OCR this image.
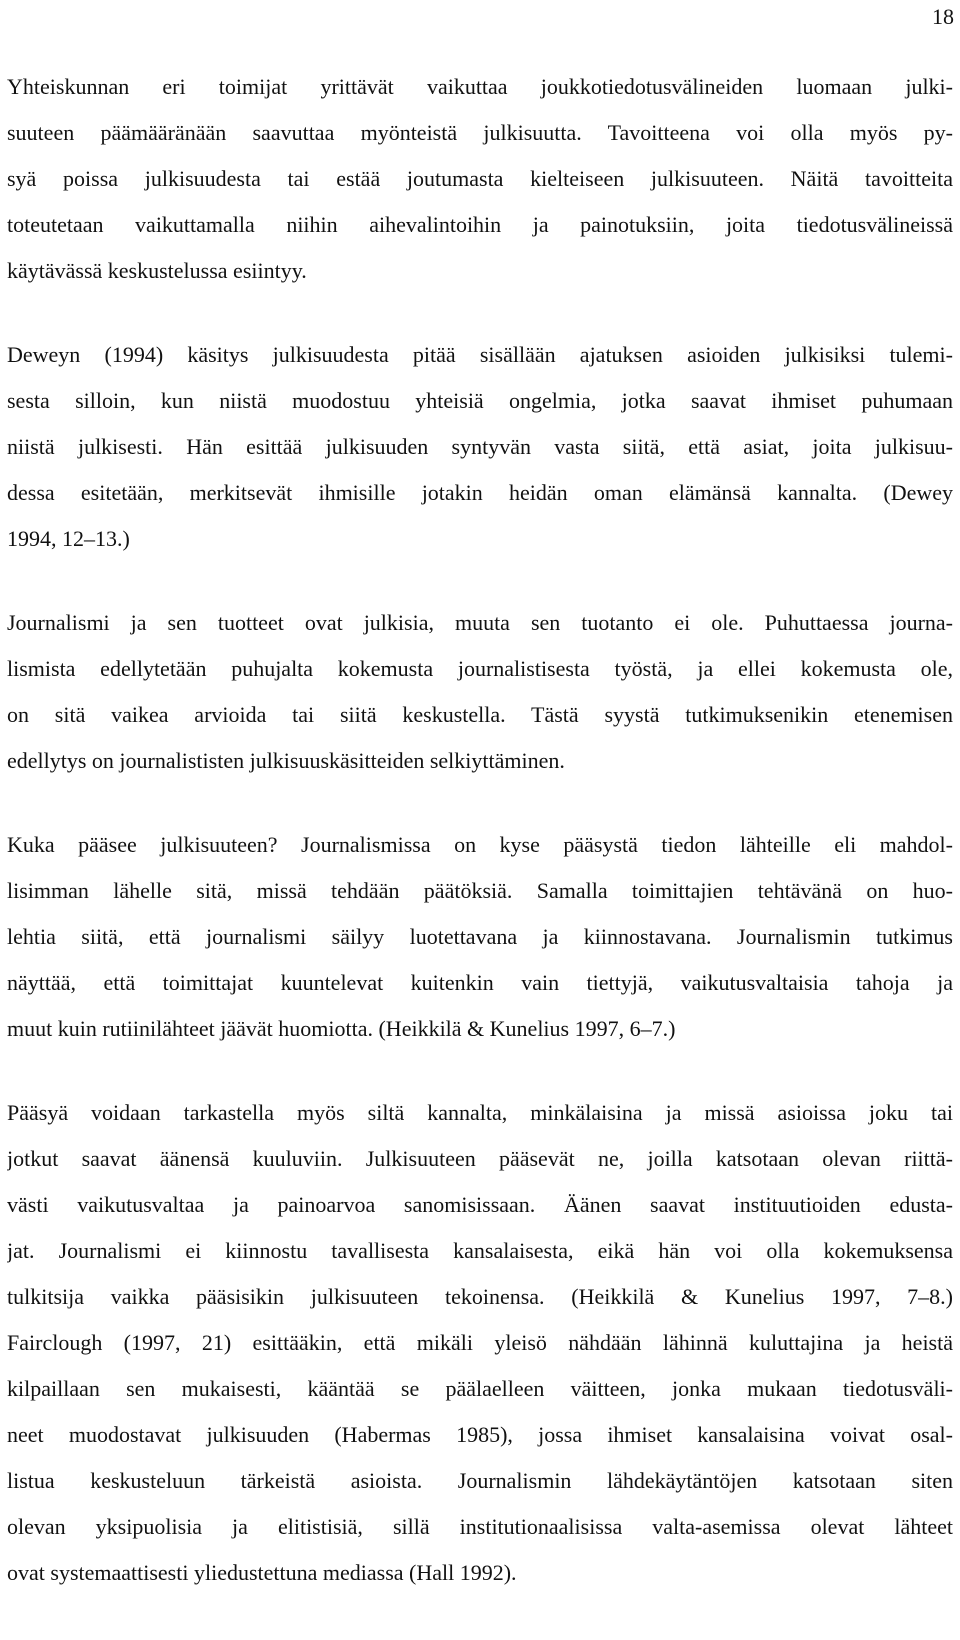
18
Yhteiskunnan eri toimijat yrittävät vaikuttaa joukkotiedotusvälineiden luomaan julki-
suuteen päämääränään saavuttaa myönteistä julkisuutta. Tavoitteena voi olla myös py-
syä poissa julkisuudesta tai estää joutumasta kielteiseen julkisuuteen. Näitä tavoitteita
toteutetaan vaikuttamalla niihin aihevalintoihin ja painotuksiin, joita tiedotusvälineissä
käytävässä keskustelussa esiintyy.
Deweyn (1994) käsitys julkisuudesta pitää sisällään ajatuksen asioiden julkisiksi tulemi-
sesta silloin, kun niistä muodostuu yhteisiä ongelmia, jotka saavat ihmiset puhumaan
niistä julkisesti. Hän esittää julkisuuden syntyvän vasta siitä, että asiat, joita julkisuu-
dessa esitetään, merkitsevät ihmisille jotakin heidän oman elämänsä kannalta. (Dewey
1994, 12–13.)
Journalismi ja sen tuotteet ovat julkisia, muuta sen tuotanto ei ole. Puhuttaessa journa-
lismista edellytetään puhujalta kokemusta journalistisesta työstä, ja ellei kokemusta ole,
on sitä vaikea arvioida tai siitä keskustella. Tästä syystä tutkimuksenikin etenemisen
edellytys on journalististen julkisuuskäsitteiden selkiyttäminen.
Kuka pääsee julkisuuteen? Journalismissa on kyse pääsystä tiedon lähteille eli mahdol-
lisimman lähelle sitä, missä tehdään päätöksiä. Samalla toimittajien tehtävänä on huo-
lehtia siitä, että journalismi säilyy luotettavana ja kiinnostavana. Journalismin tutkimus
näyttää, että toimittajat kuuntelevat kuitenkin vain tiettyjä, vaikutusvaltaisia tahoja ja
muut kuin rutiinilähteet jäävät huomiotta. (Heikkilä & Kunelius 1997, 6–7.)
Pääsyä voidaan tarkastella myös siltä kannalta, minkälaisina ja missä asioissa joku tai
jotkut saavat äänensä kuuluviin. Julkisuuteen pääsevät ne, joilla katsotaan olevan riittä-
västi vaikutusvaltaa ja painoarvoa sanomisissaan. Äänen saavat instituutioiden edusta-
jat. Journalismi ei kiinnostu tavallisesta kansalaisesta, eikä hän voi olla kokemuksensa
tulkitsija vaikka pääsisikin julkisuuteen tekoinensa. (Heikkilä & Kunelius 1997, 7–8.)
Fairclough (1997, 21) esittääkin, että mikäli yleisö nähdään lähinnä kuluttajina ja heistä
kilpaillaan sen mukaisesti, kääntää se päälaelleen väitteen, jonka mukaan tiedotusväli-
neet muodostavat julkisuuden (Habermas 1985), jossa ihmiset kansalaisina voivat osal-
listua keskusteluun tärkeistä asioista. Journalismin lähdekäytäntöjen katsotaan siten
olevan yksipuolisia ja elitistisiä, sillä institutionaalisissa valta-asemissa olevat lähteet
ovat systemaattisesti yliedustettuna mediassa (Hall 1992).
